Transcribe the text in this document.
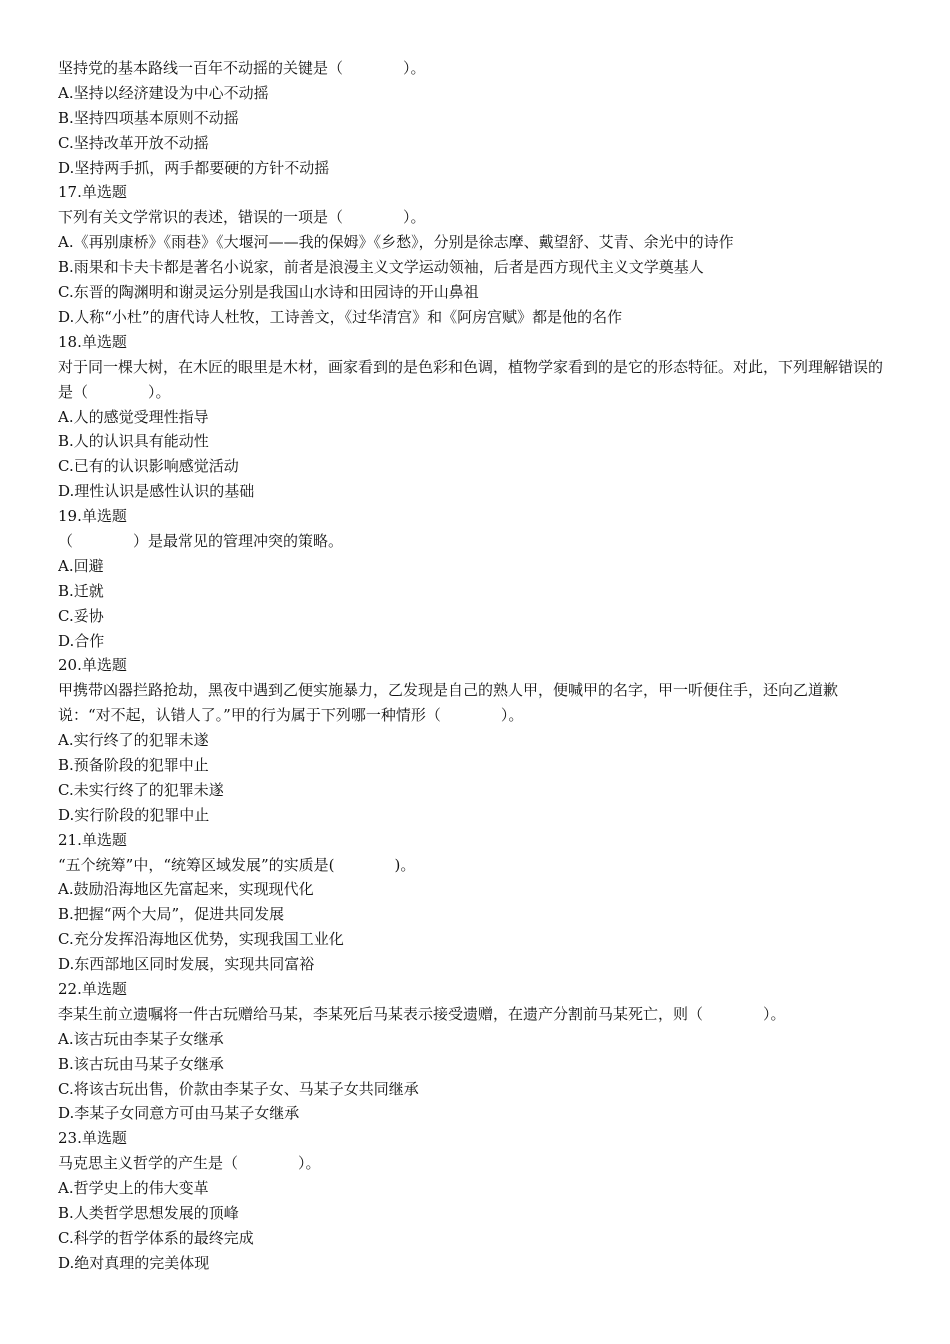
坚持党的基本路线一百年不动摇的关键是（　　　　）。
A.坚持以经济建设为中心不动摇
B.坚持四项基本原则不动摇
C.坚持改革开放不动摇
D.坚持两手抓，两手都要硬的方针不动摇
17.单选题
下列有关文学常识的表述，错误的一项是（　　　　）。
A.《再别康桥》《雨巷》《大堰河——我的保姆》《乡愁》，分别是徐志摩、戴望舒、艾青、余光中的诗作
B.雨果和卡夫卡都是著名小说家，前者是浪漫主义文学运动领袖，后者是西方现代主义文学奠基人
C.东晋的陶渊明和谢灵运分别是我国山水诗和田园诗的开山鼻祖
D.人称“小杜”的唐代诗人杜牧，工诗善文，《过华清宫》和《阿房宫赋》都是他的名作
18.单选题
对于同一棵大树，在木匠的眼里是木材，画家看到的是色彩和色调，植物学家看到的是它的形态特征。对此，下列理解错误的是（　　　　）。
A.人的感觉受理性指导
B.人的认识具有能动性
C.已有的认识影响感觉活动
D.理性认识是感性认识的基础
19.单选题
（　　　　）是最常见的管理冲突的策略。
A.回避
B.迁就
C.妥协
D.合作
20.单选题
甲携带凶器拦路抢劫，黑夜中遇到乙便实施暴力，乙发现是自己的熟人甲，便喊甲的名字，甲一听便住手，还向乙道歉说：“对不起，认错人了。”甲的行为属于下列哪一种情形（　　　　）。
A.实行终了的犯罪未遂
B.预备阶段的犯罪中止
C.未实行终了的犯罪未遂
D.实行阶段的犯罪中止
21.单选题
“五个统筹”中，“统筹区域发展”的实质是(　　　　)。
A.鼓励沿海地区先富起来，实现现代化
B.把握“两个大局”，促进共同发展
C.充分发挥沿海地区优势，实现我国工业化
D.东西部地区同时发展，实现共同富裕
22.单选题
李某生前立遗嘱将一件古玩赠给马某，李某死后马某表示接受遗赠，在遗产分割前马某死亡，则（　　　　）。
A.该古玩由李某子女继承
B.该古玩由马某子女继承
C.将该古玩出售，价款由李某子女、马某子女共同继承
D.李某子女同意方可由马某子女继承
23.单选题
马克思主义哲学的产生是（　　　　）。
A.哲学史上的伟大变革
B.人类哲学思想发展的顶峰
C.科学的哲学体系的最终完成
D.绝对真理的完美体现
